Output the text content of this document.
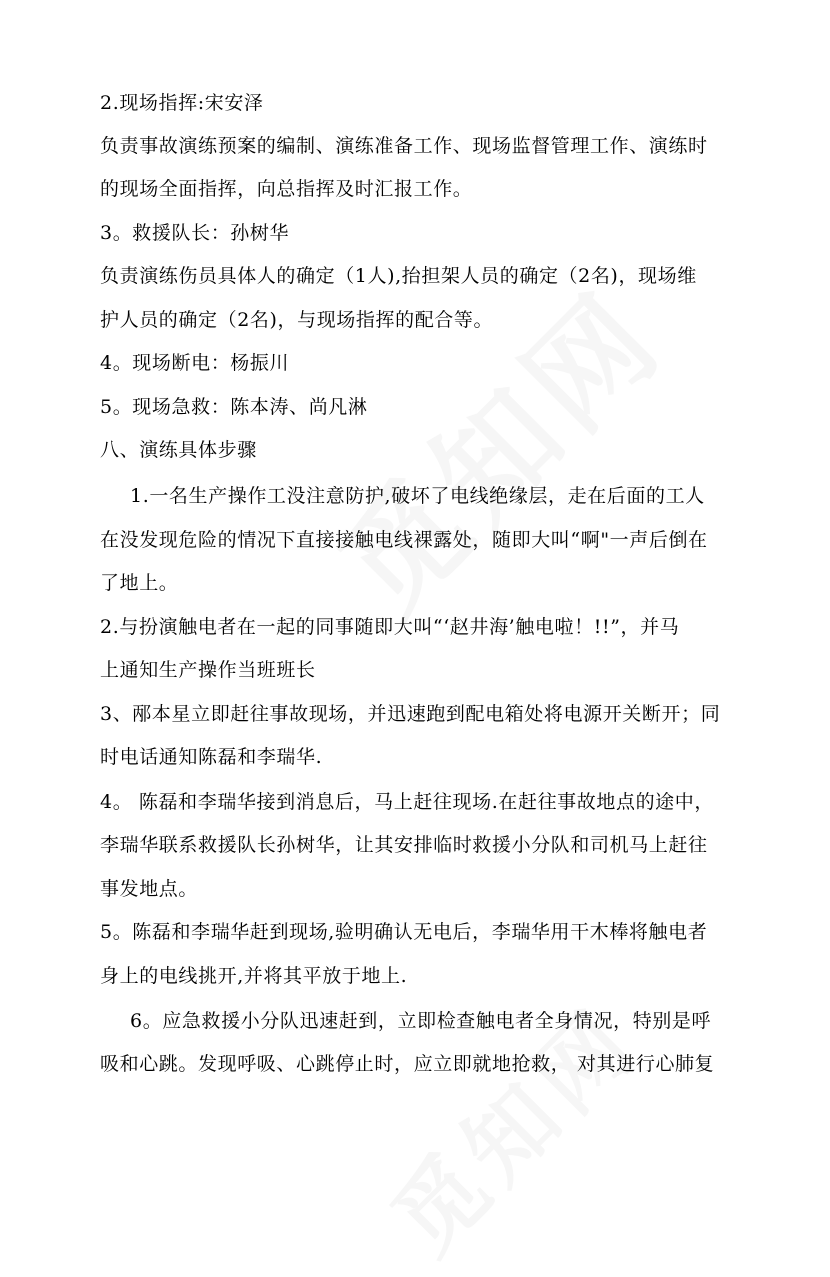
2.现场指挥:宋安泽
负责事故演练预案的编制、演练准备工作、现场监督管理工作、演练时
的现场全面指挥，向总指挥及时汇报工作。
3。救援队长：孙树华
负责演练伤员具体人的确定（1人),抬担架人员的确定（2名)，现场维
护人员的确定（2名)，与现场指挥的配合等。
4。现场断电：杨振川
5。现场急救：陈本涛、尚凡淋
八、演练具体步骤
1.一名生产操作工没注意防护,破坏了电线绝缘层，走在后面的工人
在没发现危险的情况下直接接触电线裸露处，随即大叫“啊"一声后倒在
了地上。
2.与扮演触电者在一起的同事随即大叫“‘赵井海’触电啦！!!”，并马
上通知生产操作当班班长
3、邴本星立即赶往事故现场，并迅速跑到配电箱处将电源开关断开；同
时电话通知陈磊和李瑞华.
4。 陈磊和李瑞华接到消息后，马上赶往现场.在赶往事故地点的途中，
李瑞华联系救援队长孙树华，让其安排临时救援小分队和司机马上赶往
事发地点。
5。陈磊和李瑞华赶到现场,验明确认无电后，李瑞华用干木棒将触电者
身上的电线挑开,并将其平放于地上.
6。应急救援小分队迅速赶到，立即检查触电者全身情况，特别是呼
吸和心跳。发现呼吸、心跳停止时，应立即就地抢救， 对其进行心肺复
